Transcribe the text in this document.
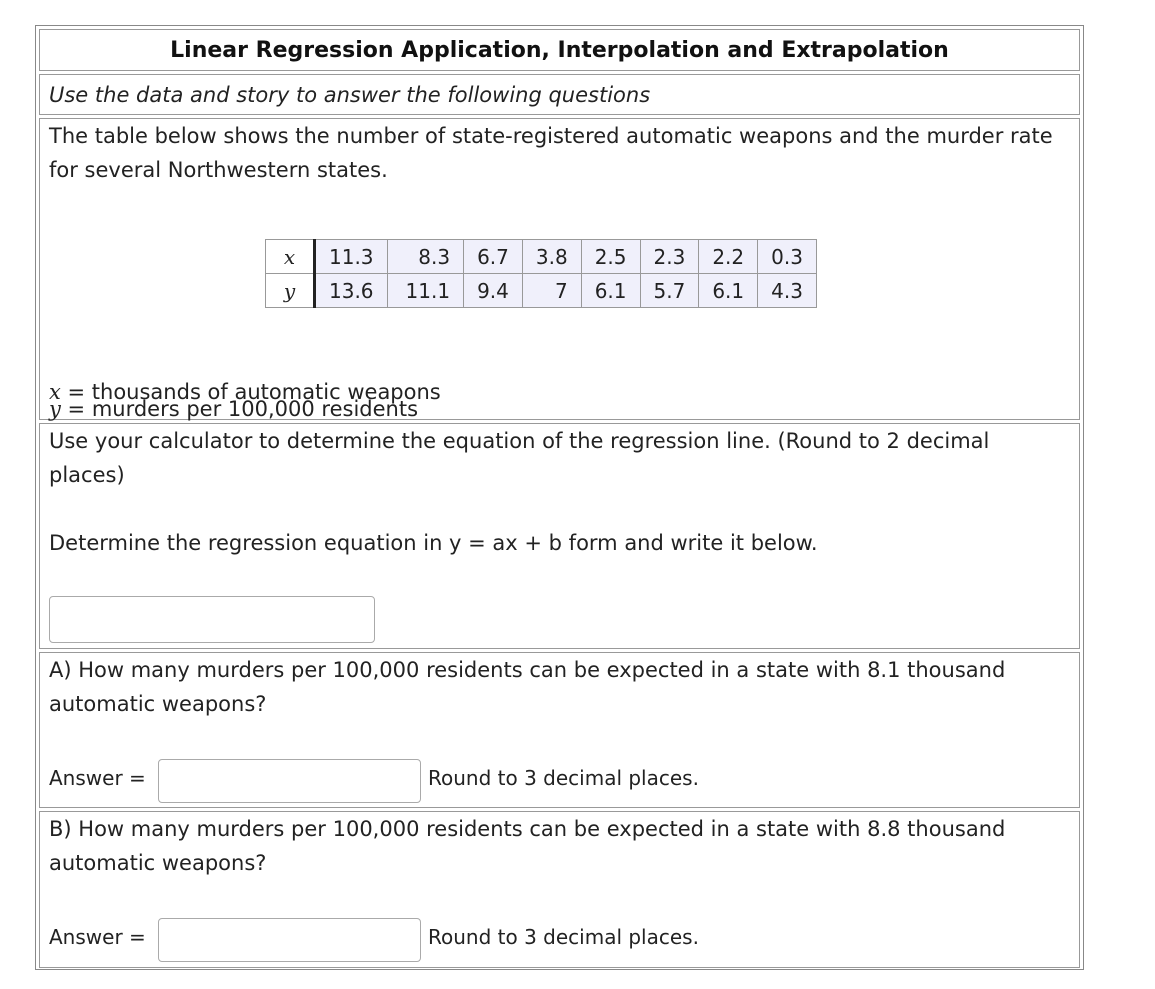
Linear Regression Application, Interpolation and Extrapolation
Use the data and story to answer the following questions

The table below shows the number of state-registered automatic weapons and the murder rate for several Northwestern states.

x	11.3	8.3	6.7	3.8	2.5	2.3	2.2	0.3
y	13.6	11.1	9.4	7	6.1	5.7	6.1	4.3

x = thousands of automatic weapons

y = murders per 100,000 residents

Use your calculator to determine the equation of the regression line. (Round to 2 decimal places)

Determine the regression equation in y = ax + b form and write it below.

A) How many murders per 100,000 residents can be expected in a state with 8.1 thousand automatic weapons?

Answer =	Round to 3 decimal places.

B) How many murders per 100,000 residents can be expected in a state with 8.8 thousand automatic weapons?

Answer =	Round to 3 decimal places.
